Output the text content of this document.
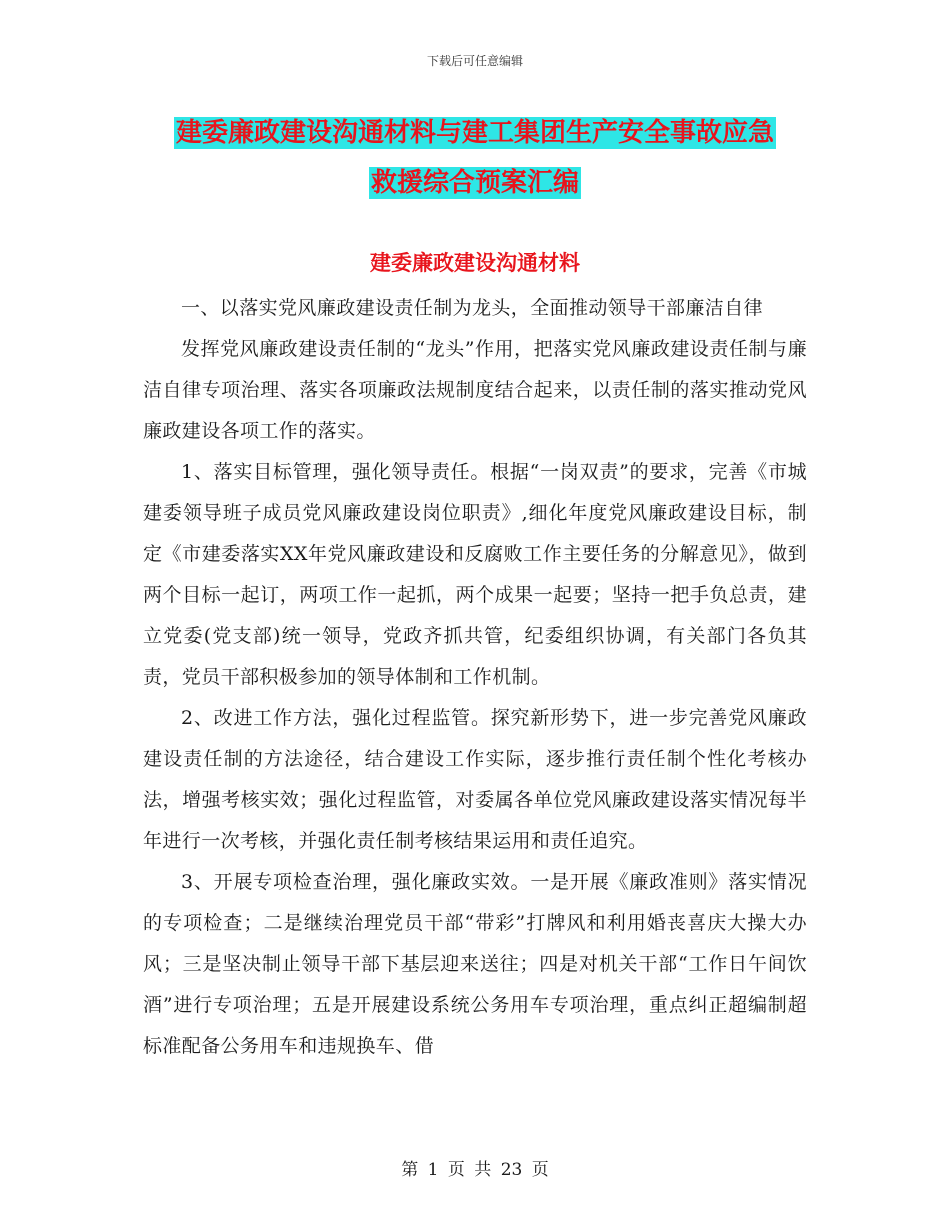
下载后可任意编辑
建委廉政建设沟通材料与建工集团生产安全事故应急
救援综合预案汇编
建委廉政建设沟通材料

一、以落实党风廉政建设责任制为龙头，全面推动领导干部廉洁自律

发挥党风廉政建设责任制的“龙头”作用，把落实党风廉政建设责任制与廉洁自律专项治理、落实各项廉政法规制度结合起来，以责任制的落实推动党风廉政建设各项工作的落实。

1、落实目标管理，强化领导责任。根据“一岗双责”的要求，完善《市城建委领导班子成员党风廉政建设岗位职责》,细化年度党风廉政建设目标，制定《市建委落实XX年党风廉政建设和反腐败工作主要任务的分解意见》，做到两个目标一起订，两项工作一起抓，两个成果一起要；坚持一把手负总责，建立党委(党支部)统一领导，党政齐抓共管，纪委组织协调，有关部门各负其责，党员干部积极参加的领导体制和工作机制。

2、改进工作方法，强化过程监管。探究新形势下，进一步完善党风廉政建设责任制的方法途径，结合建设工作实际，逐步推行责任制个性化考核办法，增强考核实效；强化过程监管，对委属各单位党风廉政建设落实情况每半年进行一次考核，并强化责任制考核结果运用和责任追究。

3、开展专项检查治理，强化廉政实效。一是开展《廉政准则》落实情况的专项检查；二是继续治理党员干部“带彩”打牌风和利用婚丧喜庆大操大办风；三是坚决制止领导干部下基层迎来送往；四是对机关干部“工作日午间饮酒”进行专项治理；五是开展建设系统公务用车专项治理，重点纠正超编制超标准配备公务用车和违规换车、借

第 1 页 共 23 页
